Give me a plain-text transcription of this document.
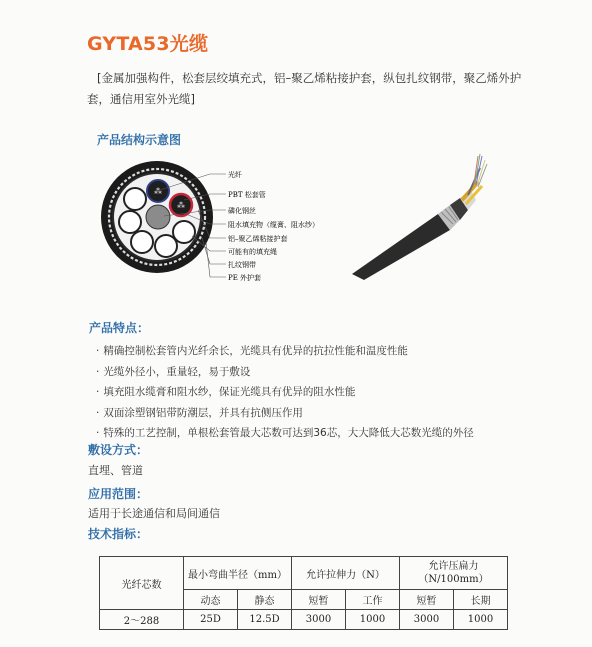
GYTA53光缆
[金属加强构件，松套层绞填充式，铝–聚乙烯粘接护套，纵包扎纹钢带，聚乙烯外护套，通信用室外光缆]
产品结构示意图
⁂
⁂
光纤
PBT 松套管
磷化钢丝
阻水填充物（缆膏、阻水纱）
铝–聚乙烯粘接护套
可能有的填充绳
扎纹钢带
PE 外护套
产品特点：
· 精确控制松套管内光纤余长，光缆具有优异的抗拉性能和温度性能
· 光缆外径小，重量轻，易于敷设
· 填充阻水缆膏和阻水纱，保证光缆具有优异的阻水性能
· 双面涂塑钢铝带防潮层，并具有抗侧压作用
· 特殊的工艺控制，单根松套管最大芯数可达到36芯，大大降低大芯数光缆的外径
敷设方式：
直埋、管道
应用范围：
适用于长途通信和局间通信
技术指标：
光纤芯数	最小弯曲半径（mm）		允许拉伸力（N）		允许压扁力
（N/100mm）	
	动态	静态	短暂	工作	短暂	长期
2～288	25D	12.5D	3000	1000	3000	1000
